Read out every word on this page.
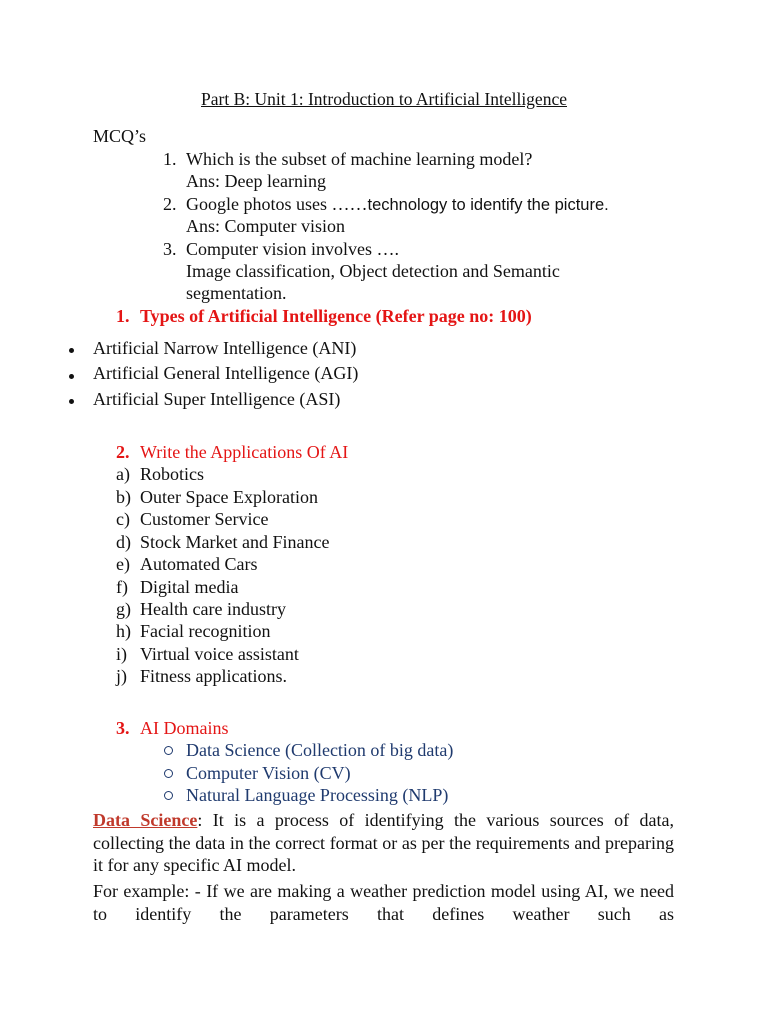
Part B: Unit 1: Introduction to Artificial Intelligence
MCQ’s
1. Which is the subset of machine learning model?
Ans: Deep learning
2. Google photos uses ……technology to identify the picture.
Ans: Computer vision
3. Computer vision involves ….
Image classification, Object detection and Semantic
segmentation.
1. Types of Artificial Intelligence (Refer page no: 100)
Artificial Narrow Intelligence (ANI)
Artificial General Intelligence (AGI)
Artificial Super Intelligence (ASI)
2. Write the Applications Of AI
a) Robotics
b) Outer Space Exploration
c) Customer Service
d) Stock Market and Finance
e) Automated Cars
f) Digital media
g) Health care industry
h) Facial recognition
i) Virtual voice assistant
j) Fitness applications.
3. AI Domains
Data Science (Collection of big data)
Computer Vision (CV)
Natural Language Processing (NLP)
Data Science: It is a process of identifying the various sources of data, collecting the data in the correct format or as per the requirements and preparing it for any specific AI model.
For example: - If we are making a weather prediction model using AI, we need to identify the parameters that defines weather such as
